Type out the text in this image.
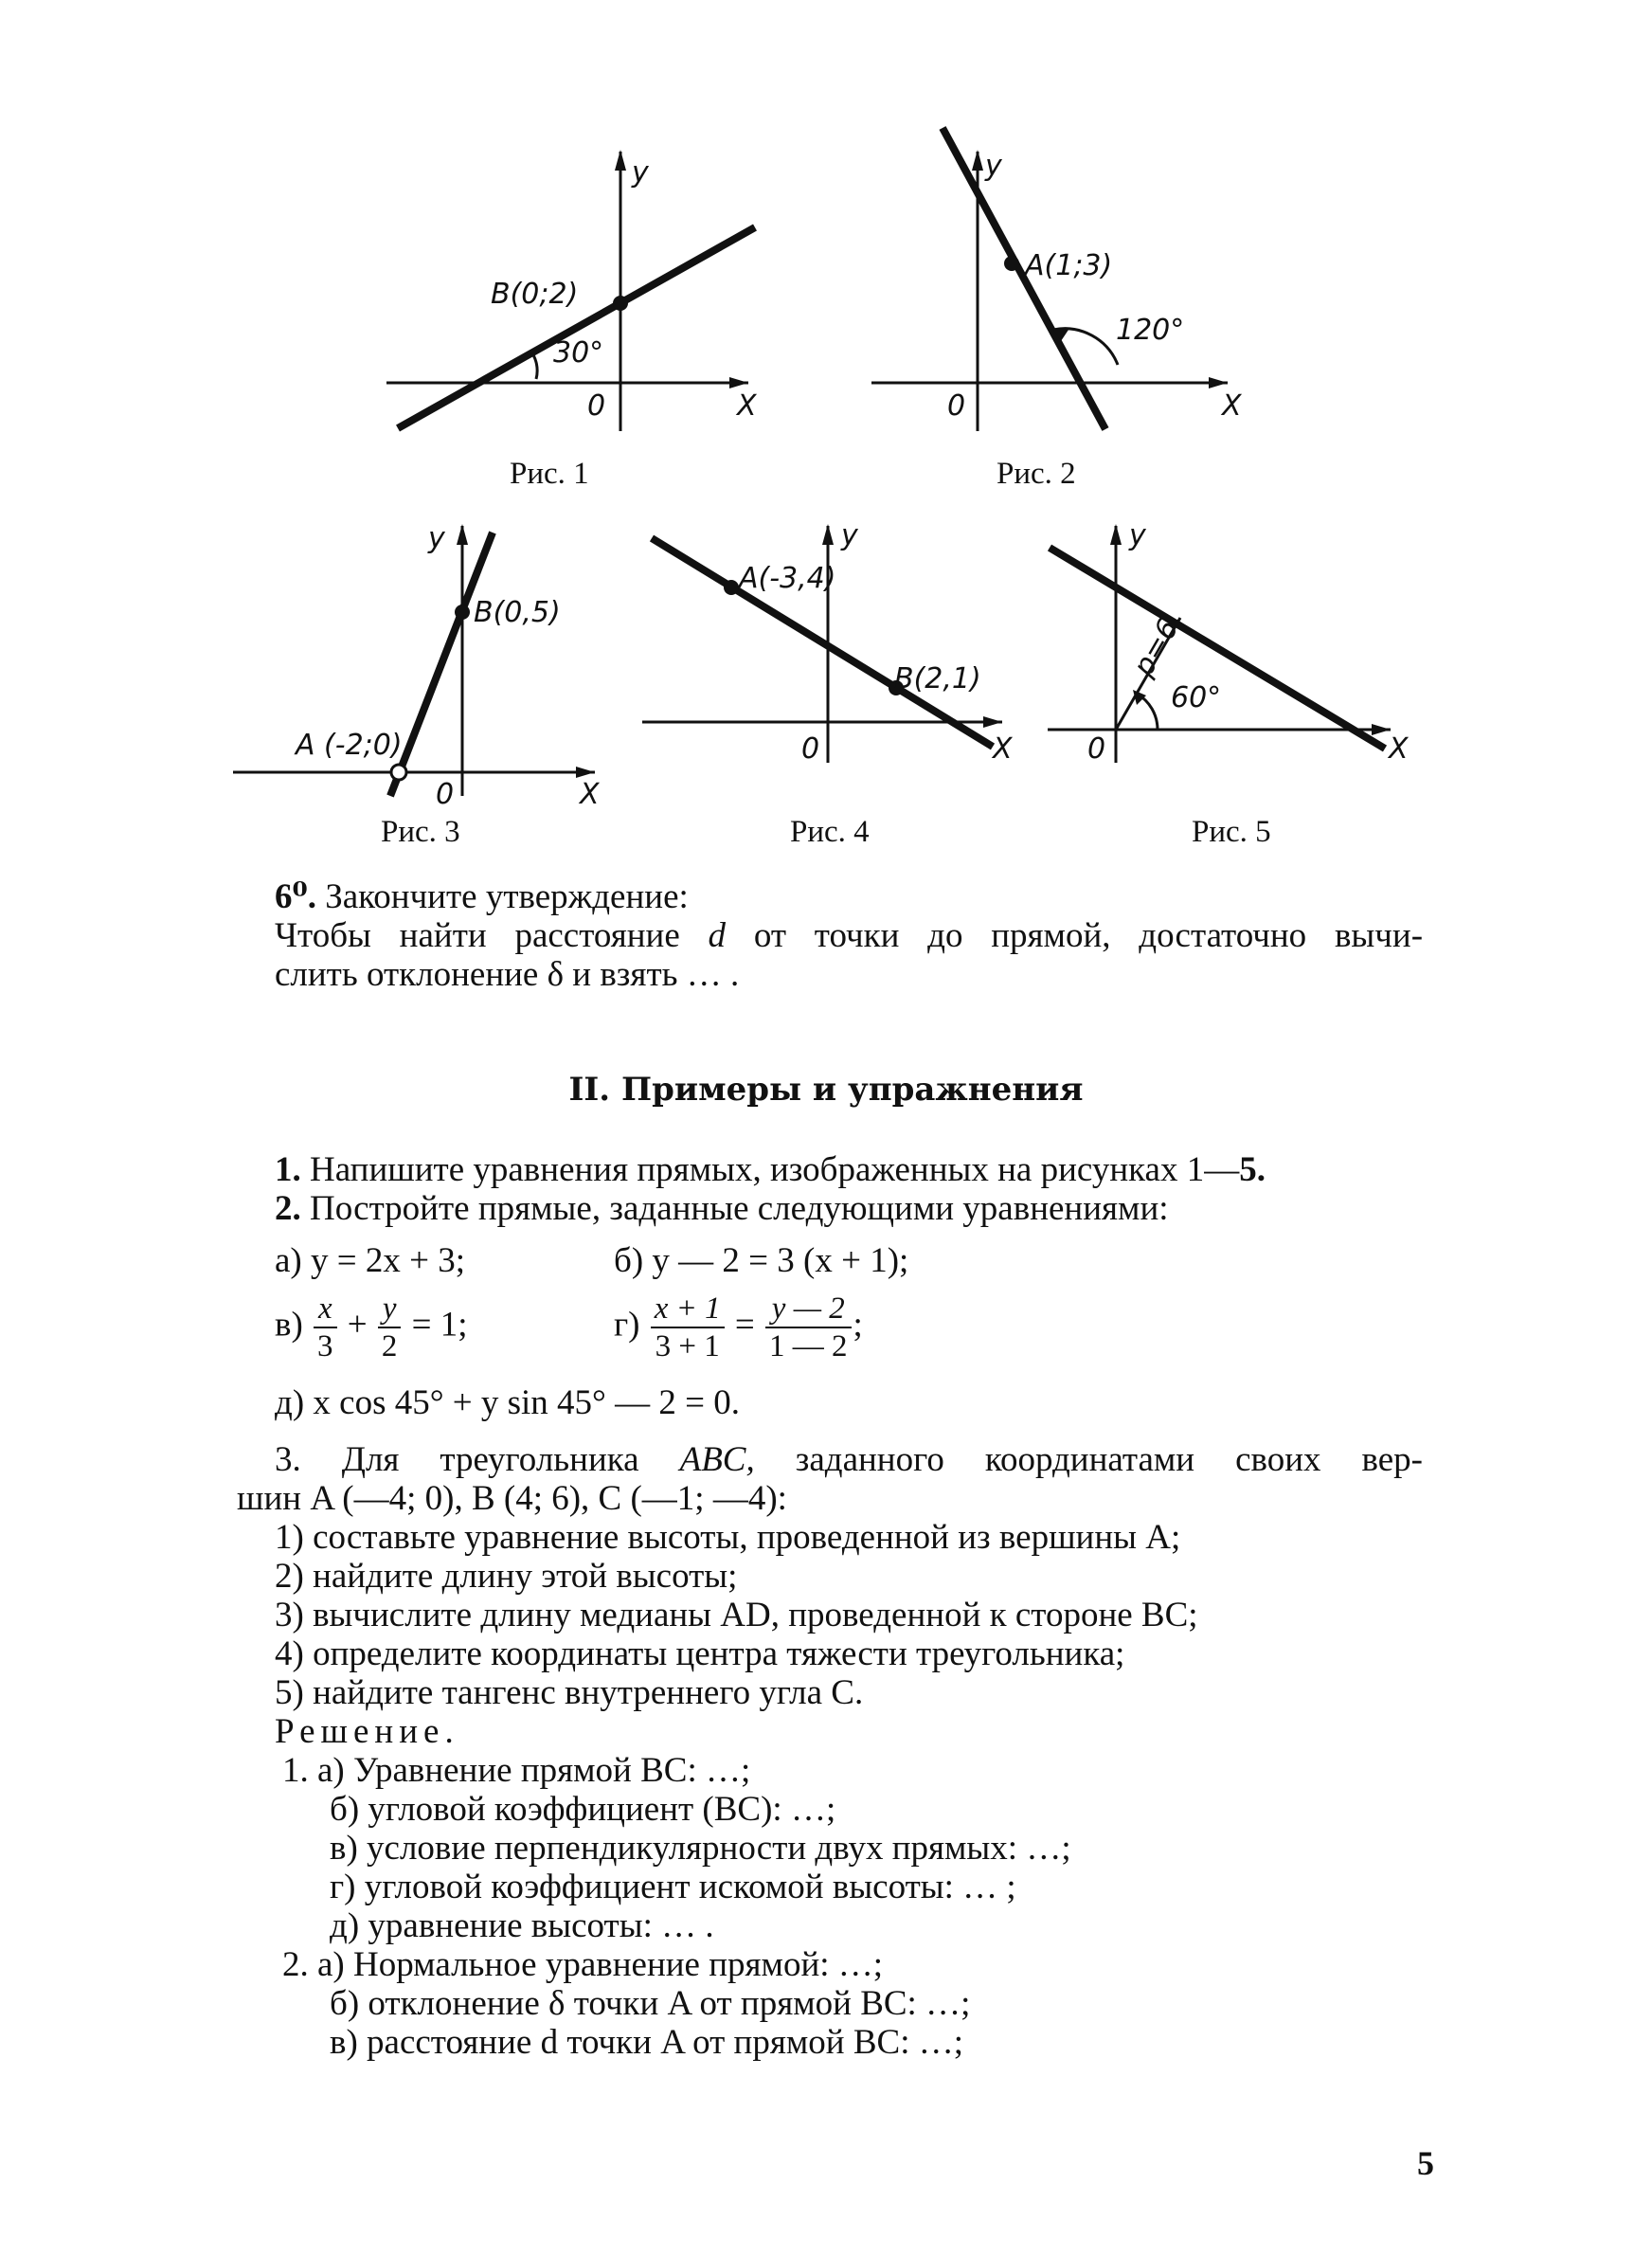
y
X
0
B(0;2)
30°
Рис. 1
y
X
0
A(1;3)
120°
Рис. 2
y
X
0
B(0,5)
A (-2;0)
Рис. 3
y
X
0
A(-3,4)
B(2,1)
Рис. 4
y
X
0
p=6
60°
Рис. 5
6⁰. Закончите утверждение:
Чтобы найти расстояние d от точки до прямой, достаточно вычи-
слить отклонение δ и взять … .
II. Примеры и упражнения
1. Напишите уравнения прямых, изображенных на рисунках 1—5.
2. Постройте прямые, заданные следующими уравнениями:
а) y = 2x + 3;	б) y — 2 = 3 (x + 1);
$в) \frac{x}{3} + \frac{y}{2} = 1$;	$г) \frac{x + 1}{3 + 1} = \frac{y — 2}{1 — 2}$ ;
д) x cos 45° + y sin 45° — 2 = 0.
3. Для треугольника ABC, заданного координатами своих вер-
шин A (—4; 0), B (4; 6), C (—1; —4):
1) составьте уравнение высоты, проведенной из вершины A;
2) найдите длину этой высоты;
3) вычислите длину медианы AD, проведенной к стороне BC;
4) определите координаты центра тяжести треугольника;
5) найдите тангенс внутреннего угла C.
Решение.
1. а) Уравнение прямой BC: …;
б) угловой коэффициент (BC): …;
в) условие перпендикулярности двух прямых: …;
г) угловой коэффициент искомой высоты: … ;
д) уравнение высоты: … .
2. а) Нормальное уравнение прямой: …;
б) отклонение δ точки A от прямой BC: …;
в) расстояние d точки A от прямой BC: …;
5
